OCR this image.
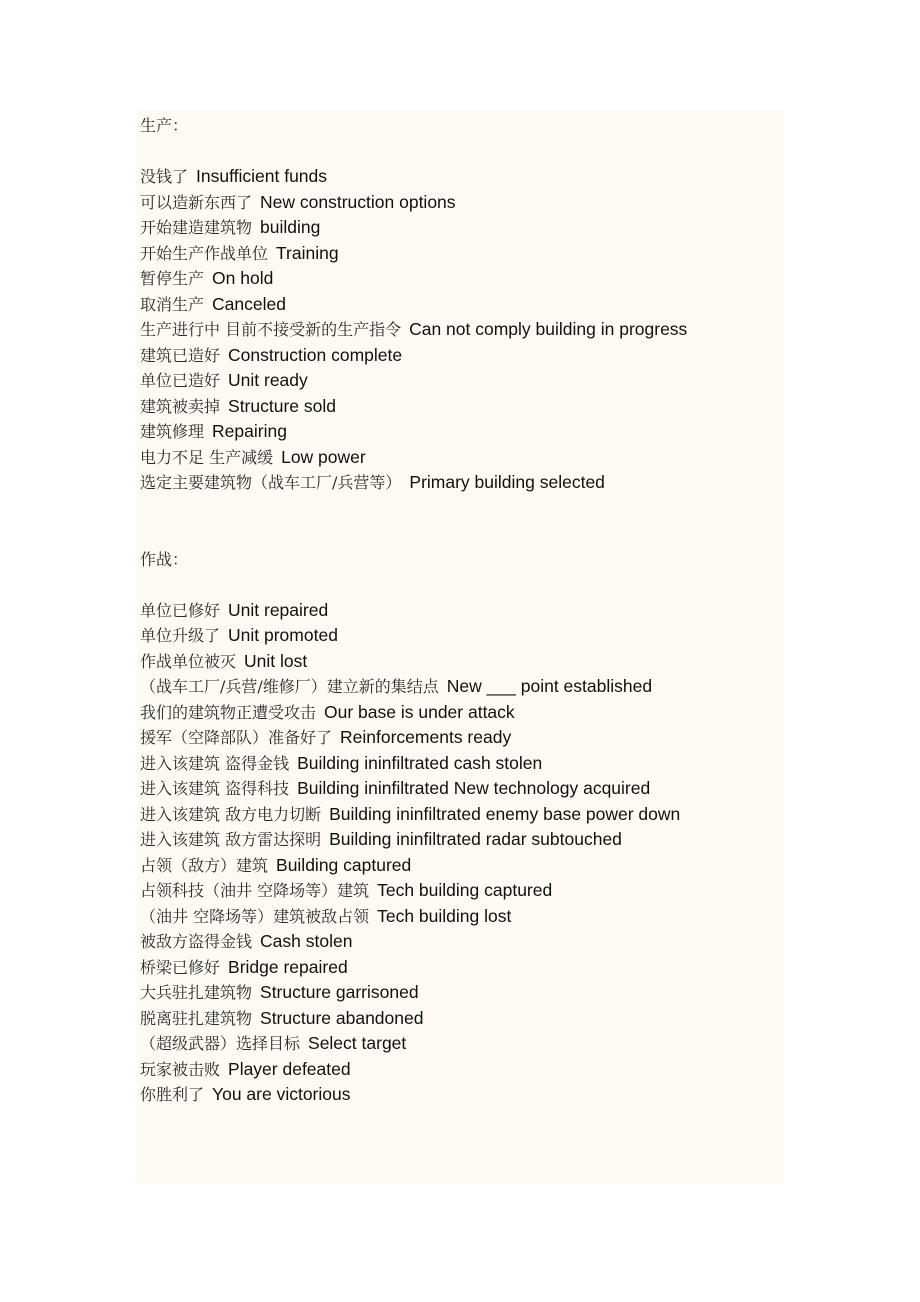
生产：
没钱了 Insufficient funds
可以造新东西了 New construction options
开始建造建筑物 building
开始生产作战单位 Training
暂停生产 On hold
取消生产 Canceled
生产进行中 目前不接受新的生产指令 Can not comply building in progress
建筑已造好 Construction complete
单位已造好 Unit ready
建筑被卖掉 Structure sold
建筑修理 Repairing
电力不足 生产减缓 Low power
选定主要建筑物（战车工厂/兵营等） Primary building selected
作战：
单位已修好 Unit repaired
单位升级了 Unit promoted
作战单位被灭 Unit lost
（战车工厂/兵营/维修厂）建立新的集结点 New ___ point established
我们的建筑物正遭受攻击 Our base is under attack
援军（空降部队）准备好了 Reinforcements ready
进入该建筑 盗得金钱 Building ininfiltrated cash stolen
进入该建筑 盗得科技 Building ininfiltrated New technology acquired
进入该建筑 敌方电力切断 Building ininfiltrated enemy base power down
进入该建筑 敌方雷达探明 Building ininfiltrated radar subtouched
占领（敌方）建筑 Building captured
占领科技（油井 空降场等）建筑 Tech building captured
（油井 空降场等）建筑被敌占领 Tech building lost
被敌方盗得金钱 Cash stolen
桥梁已修好 Bridge repaired
大兵驻扎建筑物 Structure garrisoned
脱离驻扎建筑物 Structure abandoned
（超级武器）选择目标 Select target
玩家被击败 Player defeated
你胜利了 You are victorious
